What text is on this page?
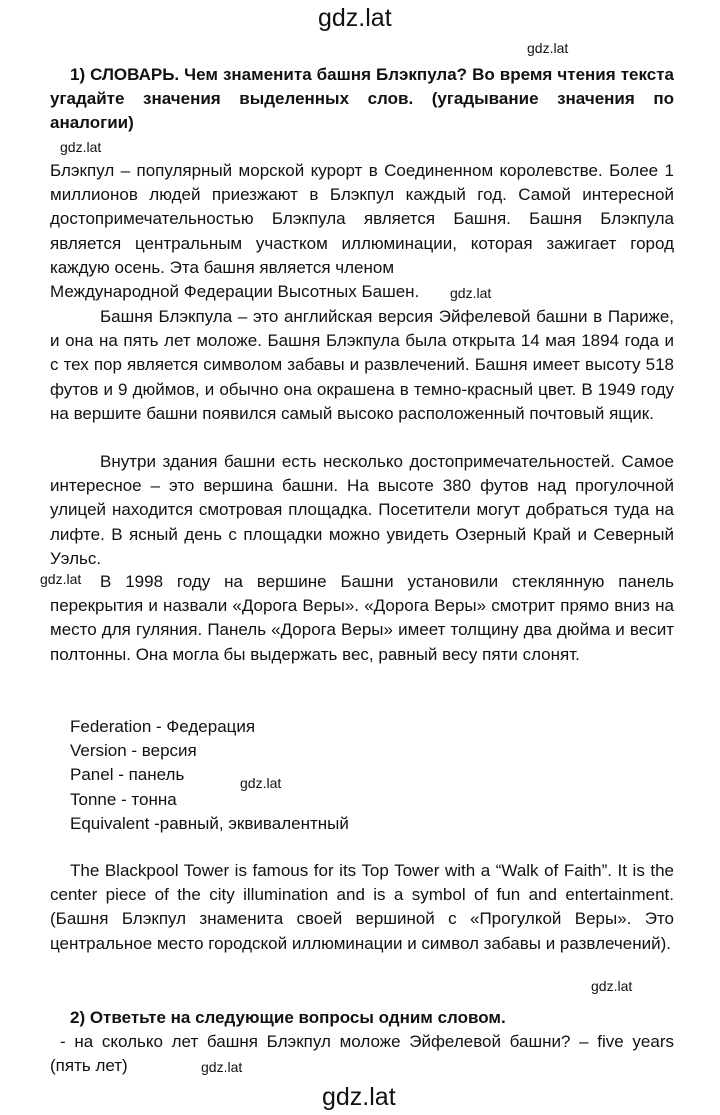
gdz.lat
gdz.lat
gdz.lat
gdz.lat
gdz.lat
gdz.lat
gdz.lat
gdz.lat
1) СЛОВАРЬ. Чем знаменита башня Блэкпула? Во время чтения текста угадайте значения выделенных слов. (угадывание значения по аналогии)
Блэкпул – популярный морской курорт в Соединенном королевстве. Более 1 миллионов людей приезжают в Блэкпул каждый год. Самой интересной достопримечательностью Блэкпула является Башня. Башня Блэкпула является центральным участком иллюминации, которая зажигает город каждую осень. Эта башня является членом
Международной Федерации Высотных Башен.	gdz.lat
Башня Блэкпула – это английская версия Эйфелевой башни в Париже, и она на пять лет моложе. Башня Блэкпула была открыта 14 мая 1894 года и с тех пор является символом забавы и развлечений. Башня имеет высоту 518 футов и 9 дюймов, и обычно она окрашена в темно-красный цвет. В 1949 году на вершите башни появился самый высоко расположенный почтовый ящик.
Внутри здания башни есть несколько достопримечательностей. Самое интересное – это вершина башни. На высоте 380 футов над прогулочной улицей находится смотровая площадка. Посетители могут добраться туда на лифте. В ясный день с площадки можно увидеть Озерный Край и Северный Уэльс.
В 1998 году на вершине Башни установили стеклянную панель перекрытия и назвали «Дорога Веры». «Дорога Веры» смотрит прямо вниз на место для гуляния. Панель «Дорога Веры» имеет толщину два дюйма и весит полтонны. Она могла бы выдержать вес, равный весу пяти слонят.
Federation - Федерация
Version - версия
Panel - панель
Tonne - тонна
Equivalent -равный, эквивалентный
The Blackpool Tower is famous for its Top Tower with a “Walk of Faith”. It is the center piece of the city illumination and is a symbol of fun and entertainment. (Башня Блэкпул знаменита своей вершиной с «Прогулкой Веры». Это центральное место городской иллюминации и символ забавы и развлечений).
2) Ответьте на следующие вопросы одним словом.
- на сколько лет башня Блэкпул моложе Эйфелевой башни? – five years (пять лет)
